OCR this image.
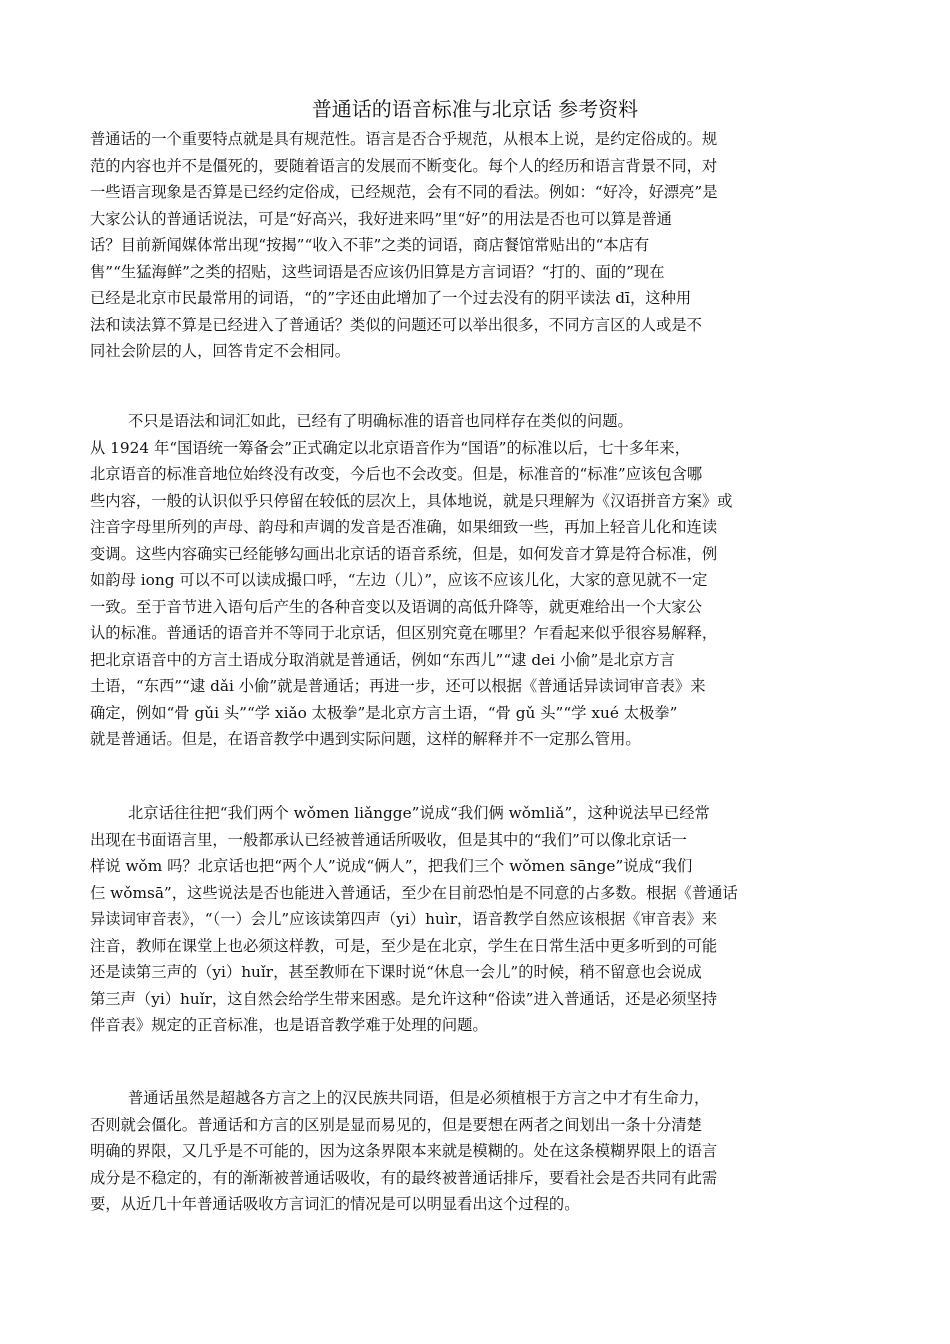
普通话的语音标准与北京话 参考资料
普通话的一个重要特点就是具有规范性。语言是否合乎规范，从根本上说，是约定俗成的。规
范的内容也并不是僵死的，要随着语言的发展而不断变化。每个人的经历和语言背景不同，对
一些语言现象是否算是已经约定俗成，已经规范，会有不同的看法。例如：“好冷，好漂亮”是
大家公认的普通话说法，可是“好高兴，我好进来吗”里“好”的用法是否也可以算是普通
话？目前新闻媒体常出现“按揭”“收入不菲”之类的词语，商店餐馆常贴出的“本店有
售”“生猛海鲜”之类的招贴，这些词语是否应该仍旧算是方言词语？“打的、面的”现在
已经是北京市民最常用的词语，“的”字还由此增加了一个过去没有的阴平读法 dī，这种用
法和读法算不算是已经进入了普通话？类似的问题还可以举出很多，不同方言区的人或是不
同社会阶层的人，回答肯定不会相同。
不只是语法和词汇如此，已经有了明确标准的语音也同样存在类似的问题。
从 1924 年“国语统一筹备会”正式确定以北京语音作为“国语”的标准以后，七十多年来，
北京语音的标准音地位始终没有改变，今后也不会改变。但是，标准音的“标准”应该包含哪
些内容，一般的认识似乎只停留在较低的层次上，具体地说，就是只理解为《汉语拼音方案》或
注音字母里所列的声母、韵母和声调的发音是否准确，如果细致一些，再加上轻音儿化和连读
变调。这些内容确实已经能够勾画出北京话的语音系统，但是，如何发音才算是符合标准，例
如韵母 iong 可以不可以读成撮口呼，“左边（儿）”，应该不应该儿化，大家的意见就不一定
一致。至于音节进入语句后产生的各种音变以及语调的高低升降等，就更难给出一个大家公
认的标准。普通话的语音并不等同于北京话，但区别究竟在哪里？乍看起来似乎很容易解释，
把北京语音中的方言土语成分取消就是普通话，例如“东西儿”“逮 dei 小偷”是北京方言
土语，“东西”“逮 dǎi 小偷”就是普通话；再进一步，还可以根据《普通话异读词审音表》来
确定，例如“骨 gǔi 头”“学 xiǎo 太极拳”是北京方言土语，“骨 gǔ 头”“学 xué 太极拳”
就是普通话。但是，在语音教学中遇到实际问题，这样的解释并不一定那么管用。
北京话往往把“我们两个 wǒmen liǎngge”说成“我们俩 wǒmliǎ”，这种说法早已经常
出现在书面语言里，一般都承认已经被普通话所吸收，但是其中的“我们”可以像北京话一
样说 wǒm 吗？北京话也把“两个人”说成“俩人”，把我们三个 wǒmen sānge”说成“我们
仨 wǒmsā”，这些说法是否也能进入普通话，至少在目前恐怕是不同意的占多数。根据《普通话
异读词审音表》，“（一）会儿”应该读第四声（yi）huìr，语音教学自然应该根据《审音表》来
注音，教师在课堂上也必须这样教，可是，至少是在北京，学生在日常生活中更多听到的可能
还是读第三声的（yi）huǐr，甚至教师在下课时说“休息一会儿”的时候，稍不留意也会说成
第三声（yi）huǐr，这自然会给学生带来困惑。是允许这种“俗读”进入普通话，还是必须坚持
伴音表》规定的正音标准，也是语音教学难于处理的问题。
普通话虽然是超越各方言之上的汉民族共同语，但是必须植根于方言之中才有生命力，
否则就会僵化。普通话和方言的区别是显而易见的，但是要想在两者之间划出一条十分清楚
明确的界限，又几乎是不可能的，因为这条界限本来就是模糊的。处在这条模糊界限上的语言
成分是不稳定的，有的渐渐被普通话吸收，有的最终被普通话排斥，要看社会是否共同有此需
要，从近几十年普通话吸收方言词汇的情况是可以明显看出这个过程的。
